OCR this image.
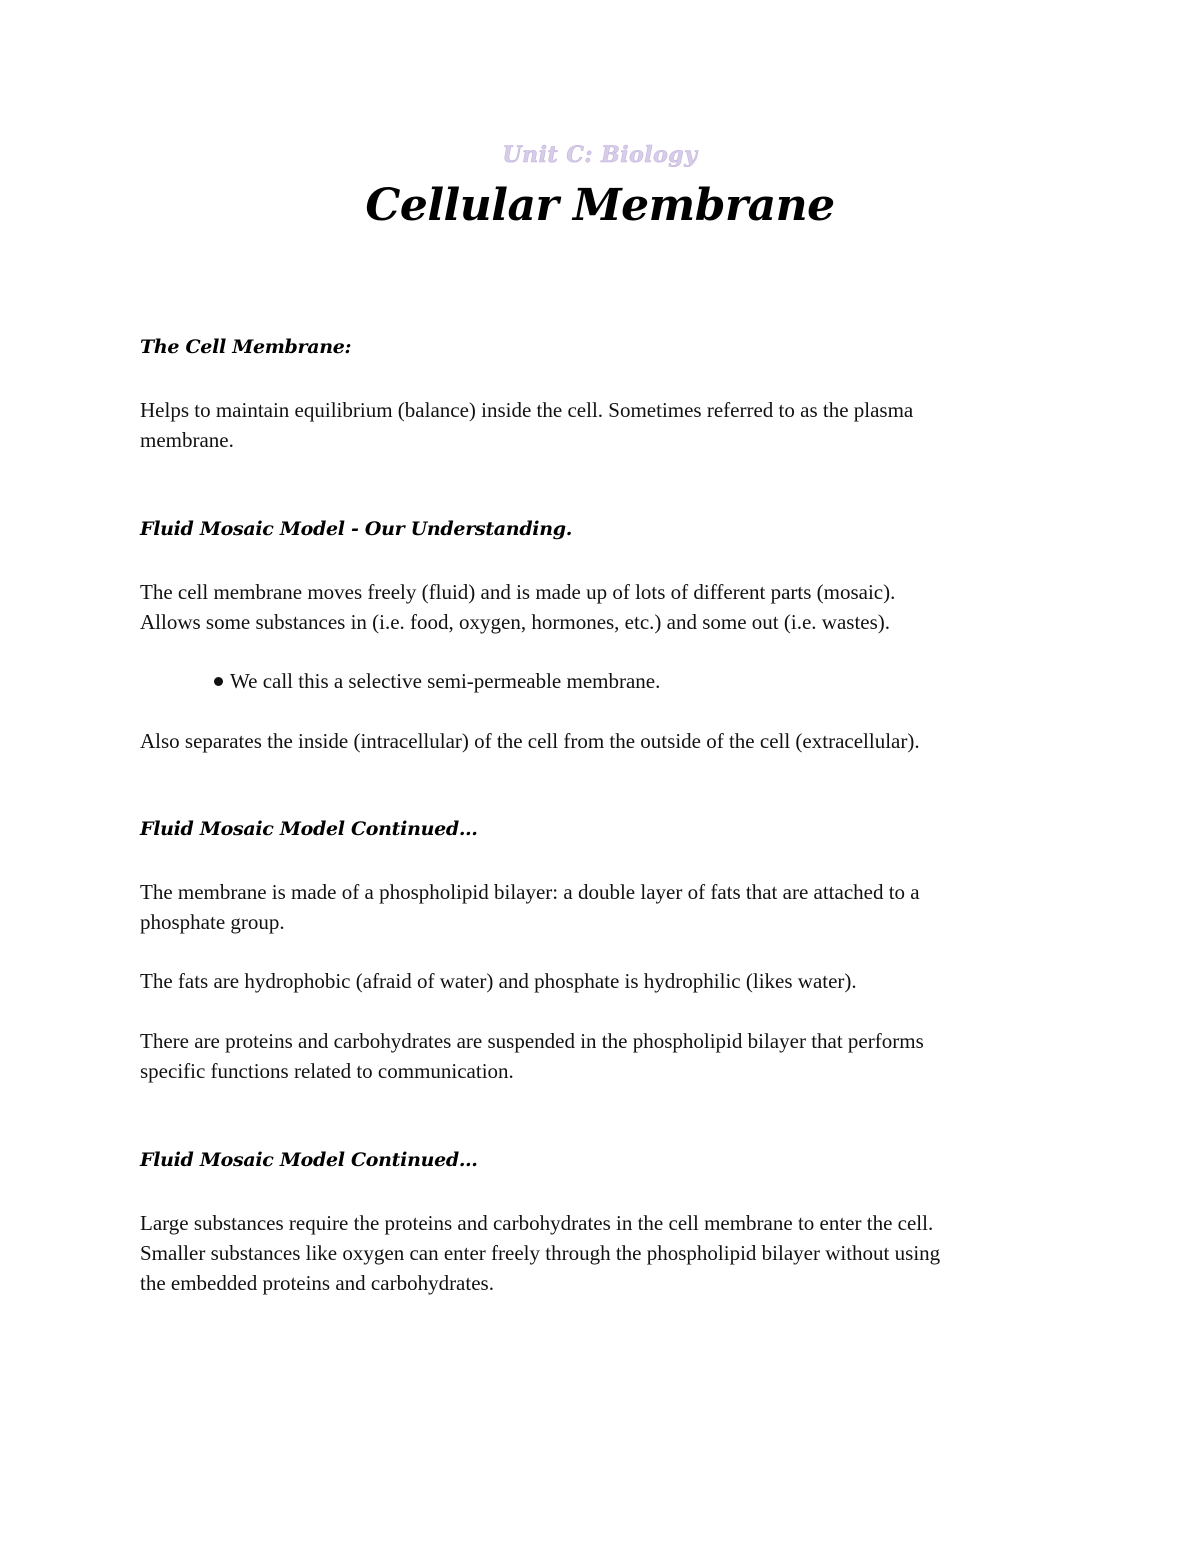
Unit C: Biology
Cellular Membrane
The Cell Membrane:
Helps to maintain equilibrium (balance) inside the cell. Sometimes referred to as the plasma
membrane.
Fluid Mosaic Model - Our Understanding.
The cell membrane moves freely (fluid) and is made up of lots of different parts (mosaic).
Allows some substances in (i.e. food, oxygen, hormones, etc.) and some out (i.e. wastes).
We call this a selective semi-permeable membrane.
Also separates the inside (intracellular) of the cell from the outside of the cell (extracellular).
Fluid Mosaic Model Continued…
The membrane is made of a phospholipid bilayer: a double layer of fats that are attached to a
phosphate group.
The fats are hydrophobic (afraid of water) and phosphate is hydrophilic (likes water).
There are proteins and carbohydrates are suspended in the phospholipid bilayer that performs
specific functions related to communication.
Fluid Mosaic Model Continued…
Large substances require the proteins and carbohydrates in the cell membrane to enter the cell.
Smaller substances like oxygen can enter freely through the phospholipid bilayer without using
the embedded proteins and carbohydrates.
